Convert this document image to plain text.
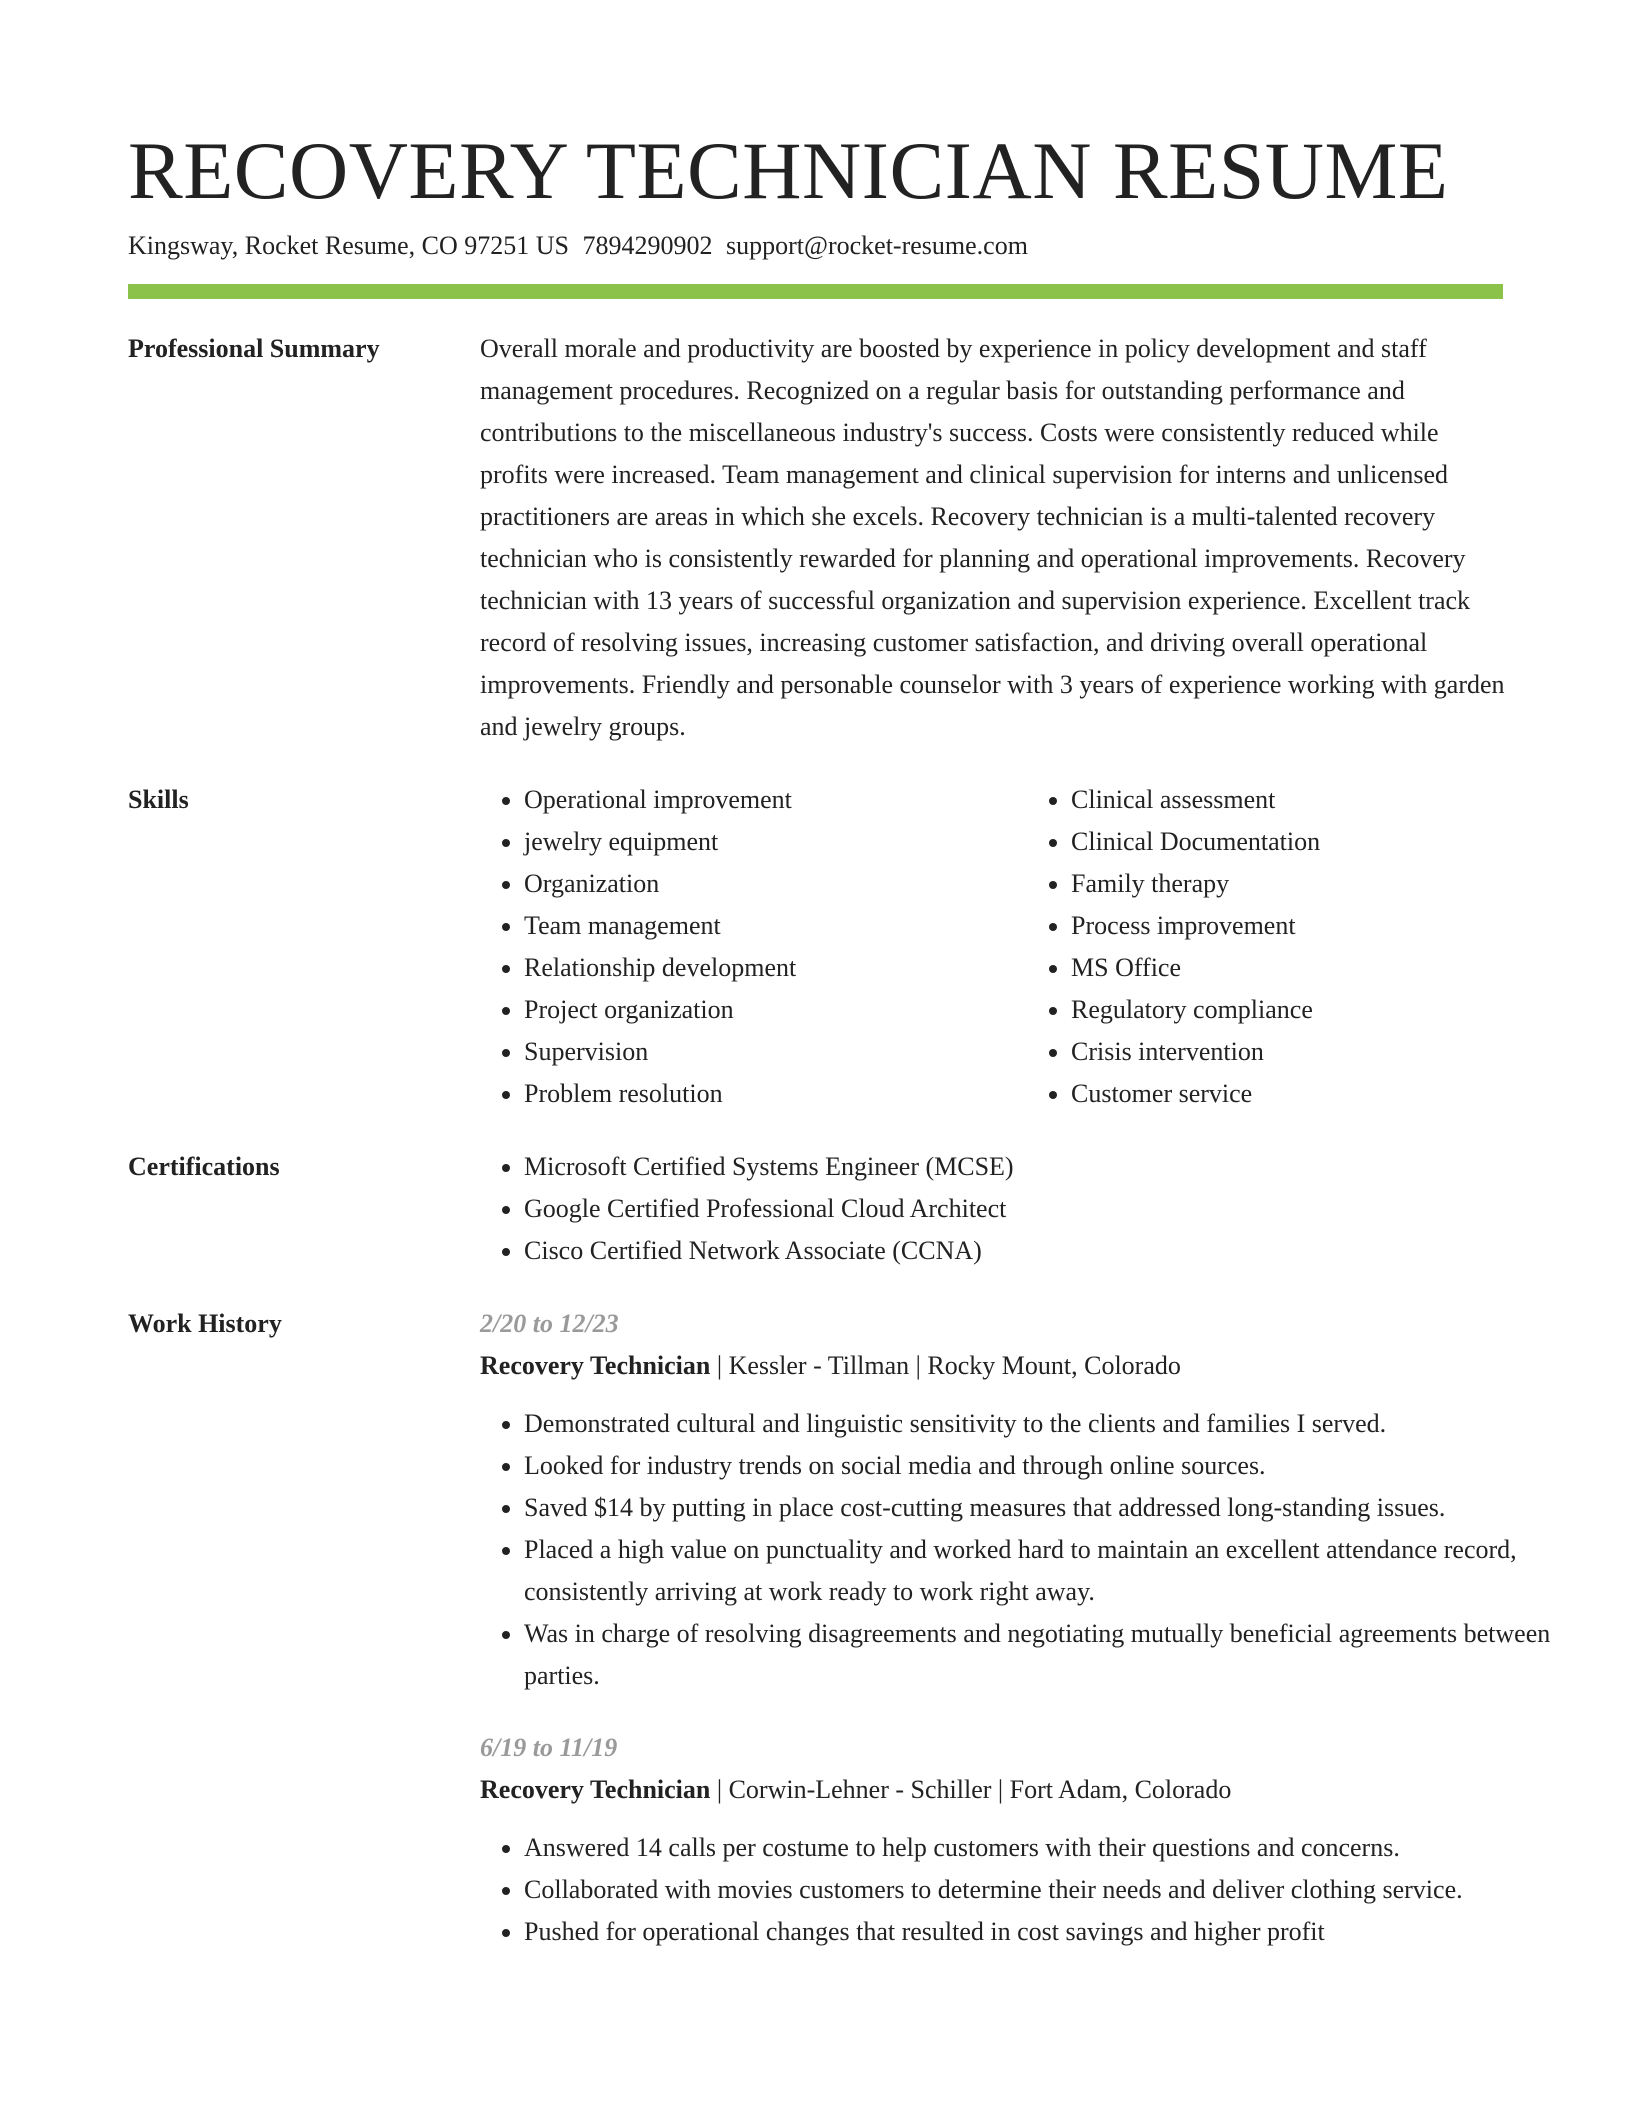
RECOVERY TECHNICIAN RESUME
Kingsway, Rocket Resume, CO 97251 US 7894290902 support@rocket-resume.com
Professional Summary	Overall morale and productivity are boosted by experience in policy development and staff management procedures. Recognized on a regular basis for outstanding performance and contributions to the miscellaneous industry's success. Costs were consistently reduced while profits were increased. Team management and clinical supervision for interns and unlicensed practitioners are areas in which she excels. Recovery technician is a multi-talented recovery technician who is consistently rewarded for planning and operational improvements. Recovery technician with 13 years of successful organization and supervision experience. Excellent track record of resolving issues, increasing customer satisfaction, and driving overall operational improvements. Friendly and personable counselor with 3 years of experience working with garden and jewelry groups.

Skills	• Operational improvement
• jewelry equipment
• Organization
• Team management
• Relationship development
• Project organization
• Supervision
• Problem resolution
• Clinical assessment
• Clinical Documentation
• Family therapy
• Process improvement
• MS Office
• Regulatory compliance
• Crisis intervention
• Customer service
Certifications	• Microsoft Certified Systems Engineer (MCSE)
• Google Certified Professional Cloud Architect
• Cisco Certified Network Associate (CCNA)
Work History	2/20 to 12/23
Recovery Technician | Kessler - Tillman | Rocky Mount, Colorado
• Demonstrated cultural and linguistic sensitivity to the clients and families I served.
• Looked for industry trends on social media and through online sources.
• Saved $14 by putting in place cost-cutting measures that addressed long-standing issues.
• Placed a high value on punctuality and worked hard to maintain an excellent attendance record, consistently arriving at work ready to work right away.
• Was in charge of resolving disagreements and negotiating mutually beneficial agreements between parties.
6/19 to 11/19
Recovery Technician | Corwin-Lehner - Schiller | Fort Adam, Colorado
• Answered 14 calls per costume to help customers with their questions and concerns.
• Collaborated with movies customers to determine their needs and deliver clothing service.
• Pushed for operational changes that resulted in cost savings and higher profit
